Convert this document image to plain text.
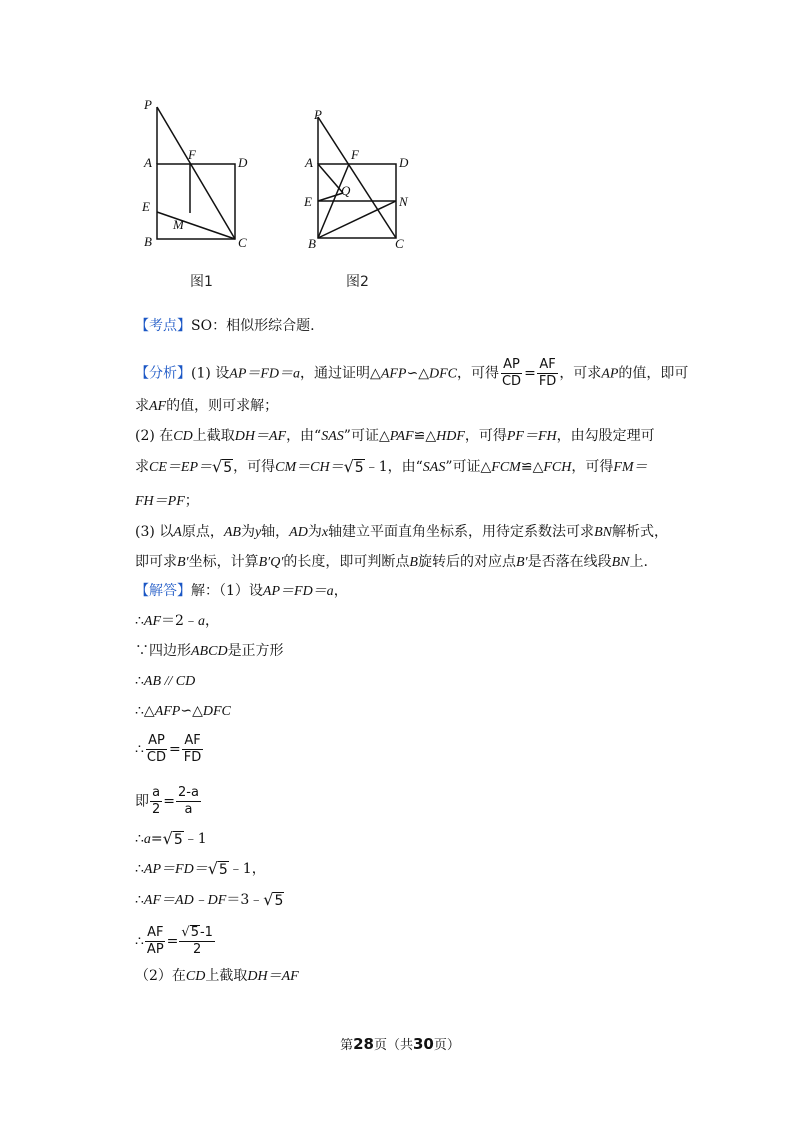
P
A
F
D
E
M
B	C
P
A
F
D
Q
E	N
B	C
图1	图2
【考点】SO：相似形综合题.
【分析】(1) 设AP＝FD＝a，通过证明△AFP∽△DFC，可得 $\frac{AP}{CD} = \frac{AF}{FD}$ ，可求AP的值，即可
求AF的值，则可求解；
(2) 在CD上截取DH＝AF，由“SAS”可证△PAF≌△HDF，可得PF＝FH，由勾股定理可
求CE＝EP＝ √ 5 ，可得CM＝CH＝ √ 5 ﹣1，由“SAS”可证△FCM≌△FCH，可得FM＝
FH＝PF；
(3) 以A原点，AB为y轴，AD为x轴建立平面直角坐标系，用待定系数法可求BN解析式，
即可求B′坐标，计算B′Q′的长度，即可判断点B旋转后的对应点B′是否落在线段BN上.
【解答】解：（1）设AP＝FD＝a，
∴AF＝2﹣a，
∵四边形ABCD是正方形
∴AB // CD
∴△AFP∽△DFC
∴ $\frac{AP}{CD} = \frac{AF}{FD}$
即 $\frac{a}{2} = \frac{2-a}{a}$
∴a= √ 5 ﹣1
∴AP＝FD＝ √ 5 ﹣1，
∴AF＝AD﹣DF＝3﹣ √ 5
∴ $\frac{AF}{AP} = \frac{√ 5 -1}{2}$
（2）在CD上截取DH＝AF
第28页（共30页）
